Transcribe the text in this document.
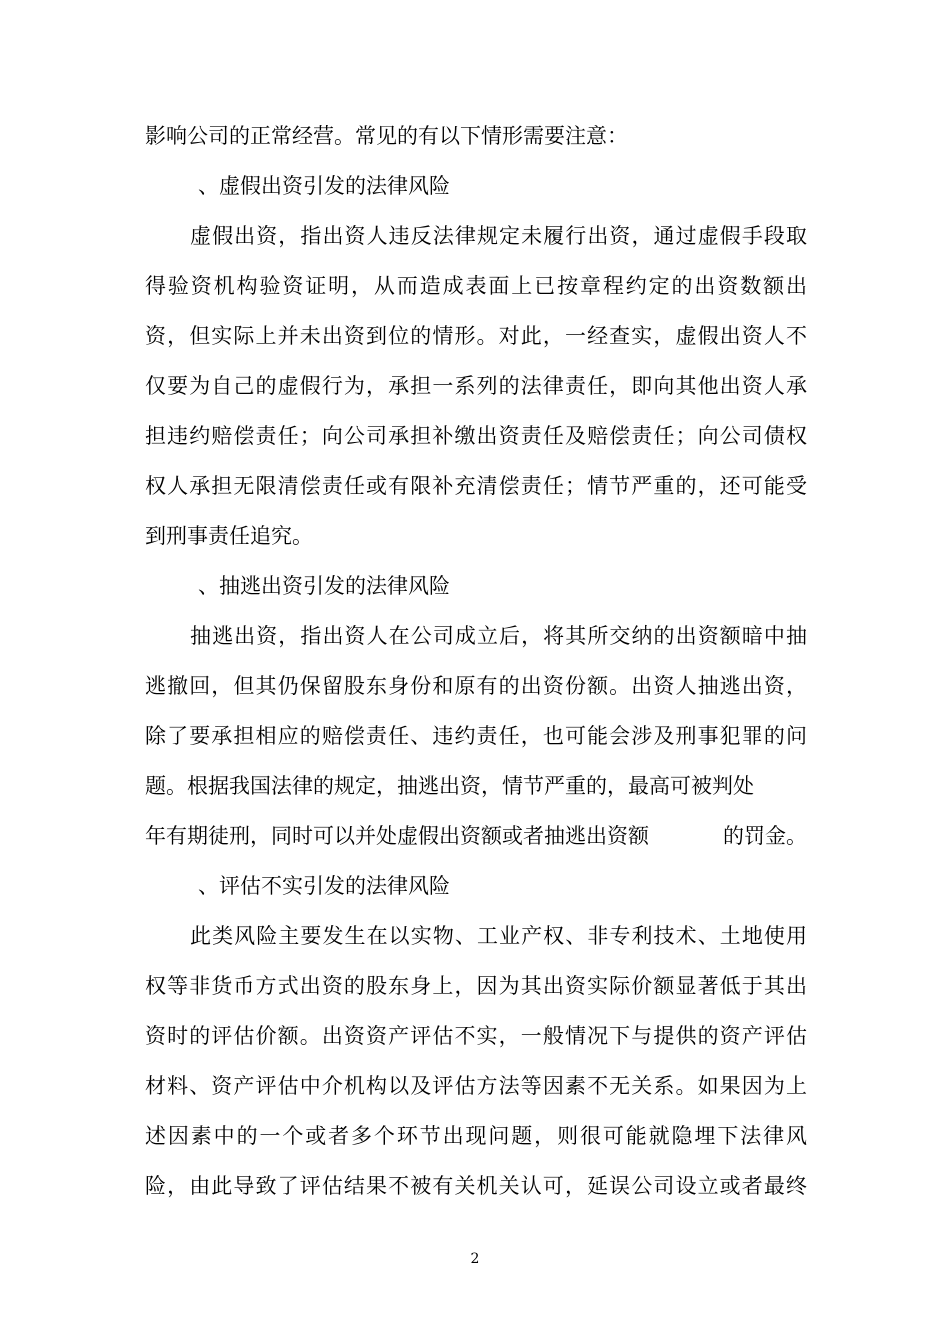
影响公司的正常经营。常见的有以下情形需要注意：
、虚假出资引发的法律风险
虚假出资，指出资人违反法律规定未履行出资，通过虚假手段取
得验资机构验资证明，从而造成表面上已按章程约定的出资数额出
资，但实际上并未出资到位的情形。对此，一经查实，虚假出资人不
仅要为自己的虚假行为，承担一系列的法律责任，即向其他出资人承
担违约赔偿责任；向公司承担补缴出资责任及赔偿责任；向公司债权
权人承担无限清偿责任或有限补充清偿责任；情节严重的，还可能受
到刑事责任追究。
、抽逃出资引发的法律风险
抽逃出资，指出资人在公司成立后，将其所交纳的出资额暗中抽
逃撤回，但其仍保留股东身份和原有的出资份额。出资人抽逃出资，
除了要承担相应的赔偿责任、违约责任，也可能会涉及刑事犯罪的问
题。根据我国法律的规定，抽逃出资，情节严重的，最高可被判处
年有期徒刑，同时可以并处虚假出资额或者抽逃出资额	的罚金。
、评估不实引发的法律风险
此类风险主要发生在以实物、工业产权、非专利技术、土地使用
权等非货币方式出资的股东身上，因为其出资实际价额显著低于其出
资时的评估价额。出资资产评估不实，一般情况下与提供的资产评估
材料、资产评估中介机构以及评估方法等因素不无关系。如果因为上
述因素中的一个或者多个环节出现问题，则很可能就隐埋下法律风
险，由此导致了评估结果不被有关机关认可，延误公司设立或者最终
2
